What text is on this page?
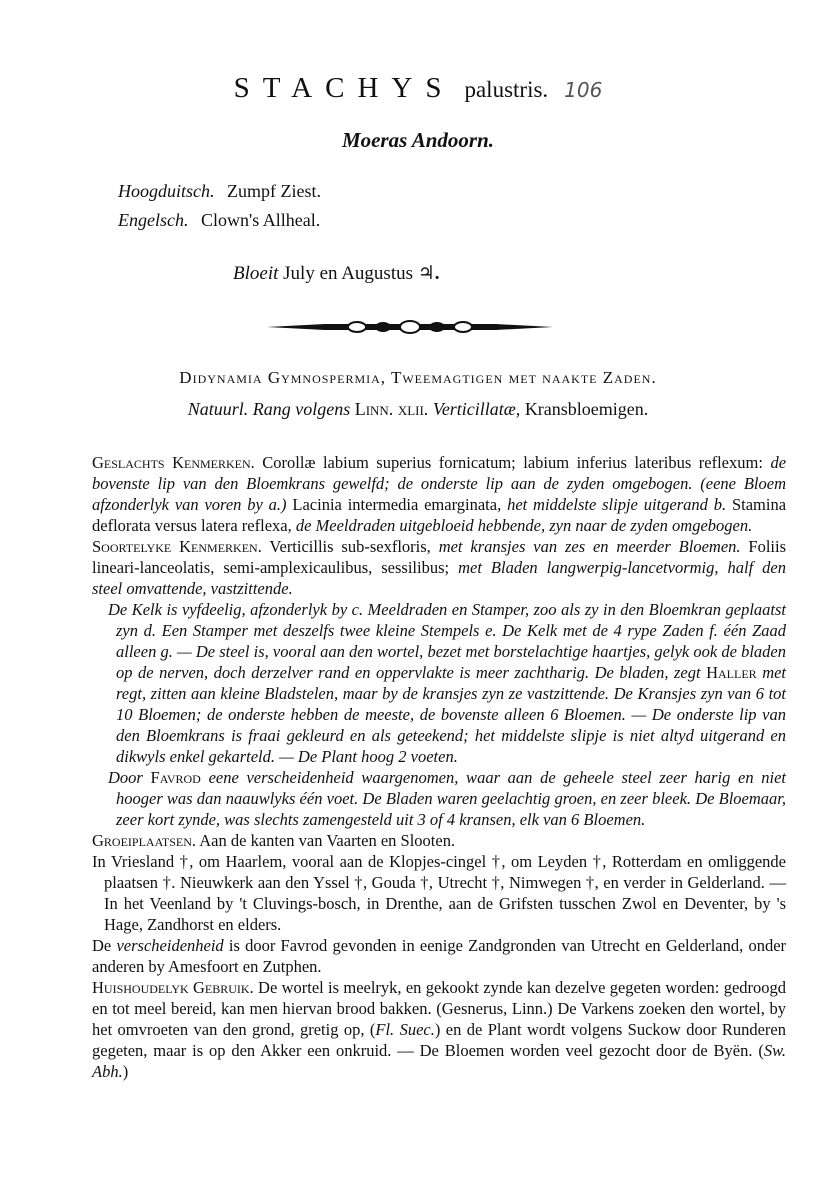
STACHYS palustris. 106
Moeras Andoorn.
Hoogduitsch. Zumpf Ziest.
Engelsch. Clown's Allheal.
Bloeit July en Augustus ♃.
Didynamia Gymnospermia, Tweemagtigen met naakte Zaden.
Natuurl. Rang volgens Linn. xlii. Verticillatæ, Kransbloemigen.

Geslachts Kenmerken. Corollæ labium superius fornicatum; labium inferius lateribus reflexum: de bovenste lip van den Bloemkrans gewelfd; de onderste lip aan de zyden omgebogen. (eene Bloem afzonderlyk van voren by a.) Lacinia intermedia emarginata, het middelste slipje uitgerand b. Stamina deflorata versus latera reflexa, de Meeldraden uitgebloeid hebbende, zyn naar de zyden omgebogen.

Soortelyke Kenmerken. Verticillis sub-sexfloris, met kransjes van zes en meerder Bloemen. Foliis lineari-lanceolatis, semi-amplexicaulibus, sessilibus; met Bladen langwerpig-lancetvormig, half den steel omvattende, vastzittende.

De Kelk is vyfdeelig, afzonderlyk by c. Meeldraden en Stamper, zoo als zy in den Bloemkran geplaatst zyn d. Een Stamper met deszelfs twee kleine Stempels e. De Kelk met de 4 rype Zaden f. één Zaad alleen g. — De steel is, vooral aan den wortel, bezet met borstelachtige haartjes, gelyk ook de bladen op de nerven, doch derzelver rand en oppervlakte is meer zachtharig. De bladen, zegt Haller met regt, zitten aan kleine Bladstelen, maar by de kransjes zyn ze vastzittende. De Kransjes zyn van 6 tot 10 Bloemen; de onderste hebben de meeste, de bovenste alleen 6 Bloemen. — De onderste lip van den Bloemkrans is fraai gekleurd en als geteekend; het middelste slipje is niet altyd uitgerand en dikwyls enkel gekarteld. — De Plant hoog 2 voeten.

Door Favrod eene verscheidenheid waargenomen, waar aan de geheele steel zeer harig en niet hooger was dan naauwlyks één voet. De Bladen waren geelachtig groen, en zeer bleek. De Bloemaar, zeer kort zynde, was slechts zamengesteld uit 3 of 4 kransen, elk van 6 Bloemen.

Groeiplaatsen. Aan de kanten van Vaarten en Slooten.

In Vriesland †, om Haarlem, vooral aan de Klopjes-cingel †, om Leyden †, Rotterdam en omliggende plaatsen †. Nieuwkerk aan den Yssel †, Gouda †, Utrecht †, Nimwegen †, en verder in Gelderland. — In het Veenland by 't Cluvings-bosch, in Drenthe, aan de Grifsten tusschen Zwol en Deventer, by 's Hage, Zandhorst en elders.

De verscheidenheid is door Favrod gevonden in eenige Zandgronden van Utrecht en Gelderland, onder anderen by Amesfoort en Zutphen.

Huishoudelyk Gebruik. De wortel is meelryk, en gekookt zynde kan dezelve gegeten worden: gedroogd en tot meel bereid, kan men hiervan brood bakken. (Gesnerus, Linn.) De Varkens zoeken den wortel, by het omvroeten van den grond, gretig op, (Fl. Suec.) en de Plant wordt volgens Suckow door Runderen gegeten, maar is op den Akker een onkruid. — De Bloemen worden veel gezocht door de Byën. (Sw. Abh.)
